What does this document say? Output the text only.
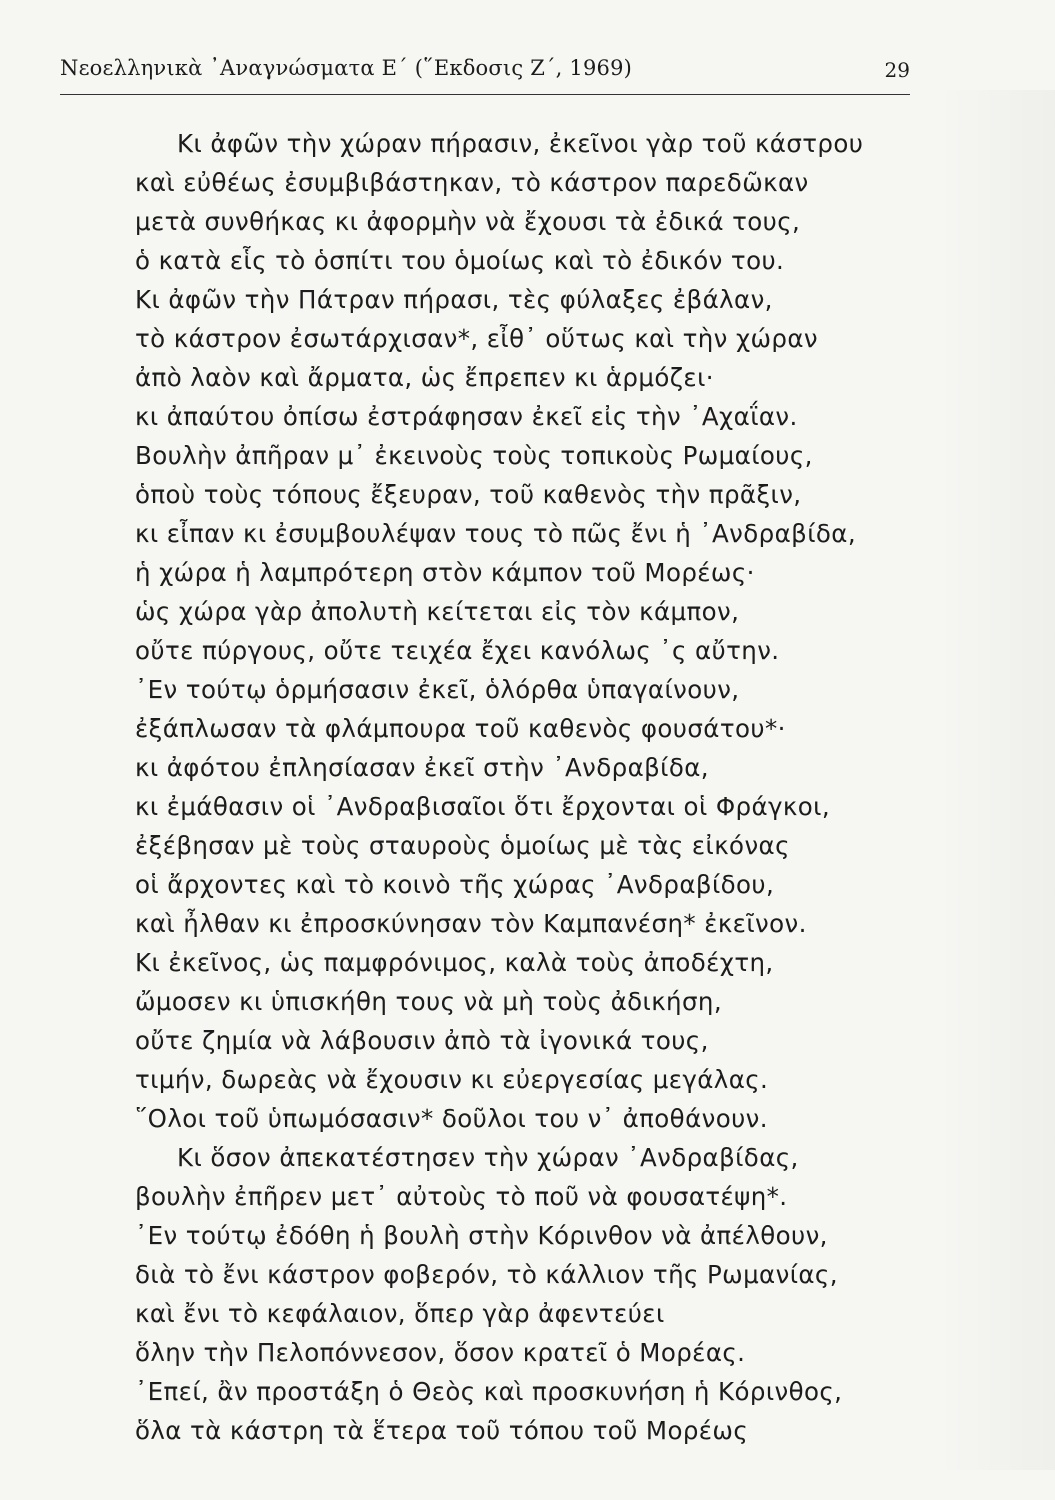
Νεοελληνικὰ ᾿Αναγνώσματα Ε΄ (῞Εκδοσις Ζ΄, 1969)	29
Κι ἀφῶν τὴν χώραν πήρασιν, ἐκεῖνοι γὰρ τοῦ κάστρου
καὶ εὐθέως ἐσυμβιβάστηκαν, τὸ κάστρον παρεδῶκαν
μετὰ συνθήκας κι ἀφορμὴν νὰ ἔχουσι τὰ ἐδικά τους,
ὁ κατὰ εἷς τὸ ὁσπίτι του ὁμοίως καὶ τὸ ἐδικόν του.
Κι ἀφῶν τὴν Πάτραν πήρασι, τὲς φύλαξες ἐβάλαν,
τὸ κάστρον ἐσωτάρχισαν*, εἶθ᾿ οὕτως καὶ τὴν χώραν
ἀπὸ λαὸν καὶ ἄρματα, ὡς ἔπρεπεν κι ἁρμόζει·
κι ἀπαύτου ὀπίσω ἐστράφησαν ἐκεῖ εἰς τὴν ᾿Αχαΐαν.
Βουλὴν ἀπῆραν μ᾿ ἐκεινοὺς τοὺς τοπικοὺς Ρωμαίους,
ὁποὺ τοὺς τόπους ἔξευραν, τοῦ καθενὸς τὴν πρᾶξιν,
κι εἶπαν κι ἐσυμβουλέψαν τους τὸ πῶς ἔνι ἡ ᾿Ανδραβίδα,
ἡ χώρα ἡ λαμπρότερη στὸν κάμπον τοῦ Μορέως·
ὡς χώρα γὰρ ἀπολυτὴ κείτεται εἰς τὸν κάμπον,
οὔτε πύργους, οὔτε τειχέα ἔχει κανόλως ᾿ς αὔτην.
᾿Εν τούτῳ ὁρμήσασιν ἐκεῖ, ὁλόρθα ὑπαγαίνουν,
ἐξάπλωσαν τὰ φλάμπουρα τοῦ καθενὸς φουσάτου*·
κι ἀφότου ἐπλησίασαν ἐκεῖ στὴν ᾿Ανδραβίδα,
κι ἐμάθασιν οἱ ᾿Ανδραβισαῖοι ὅτι ἔρχονται οἱ Φράγκοι,
ἐξέβησαν μὲ τοὺς σταυροὺς ὁμοίως μὲ τὰς εἰκόνας
οἱ ἄρχοντες καὶ τὸ κοινὸ τῆς χώρας ᾿Ανδραβίδου,
καὶ ἦλθαν κι ἐπροσκύνησαν τὸν Καμπανέση* ἐκεῖνον.
Κι ἐκεῖνος, ὡς παμφρόνιμος, καλὰ τοὺς ἀποδέχτη,
ὤμοσεν κι ὑπισκήθη τους νὰ μὴ τοὺς ἀδικήση,
οὔτε ζημία νὰ λάβουσιν ἀπὸ τὰ ἰγονικά τους,
τιμήν, δωρεὰς νὰ ἔχουσιν κι εὐεργεσίας μεγάλας.
῞Ολοι τοῦ ὑπωμόσασιν* δοῦλοι του ν᾿ ἀποθάνουν.
Κι ὅσον ἀπεκατέστησεν τὴν χώραν ᾿Ανδραβίδας,
βουλὴν ἐπῆρεν μετ᾿ αὐτοὺς τὸ ποῦ νὰ φουσατέψη*.
᾿Εν τούτῳ ἐδόθη ἡ βουλὴ στὴν Κόρινθον νὰ ἀπέλθουν,
διὰ τὸ ἔνι κάστρον φοβερόν, τὸ κάλλιον τῆς Ρωμανίας,
καὶ ἔνι τὸ κεφάλαιον, ὅπερ γὰρ ἀφεντεύει
ὅλην τὴν Πελοπόννεσον, ὅσον κρατεῖ ὁ Μορέας.
᾿Επεί, ἂν προστάξη ὁ Θεὸς καὶ προσκυνήση ἡ Κόρινθος,
ὅλα τὰ κάστρη τὰ ἕτερα τοῦ τόπου τοῦ Μορέως
